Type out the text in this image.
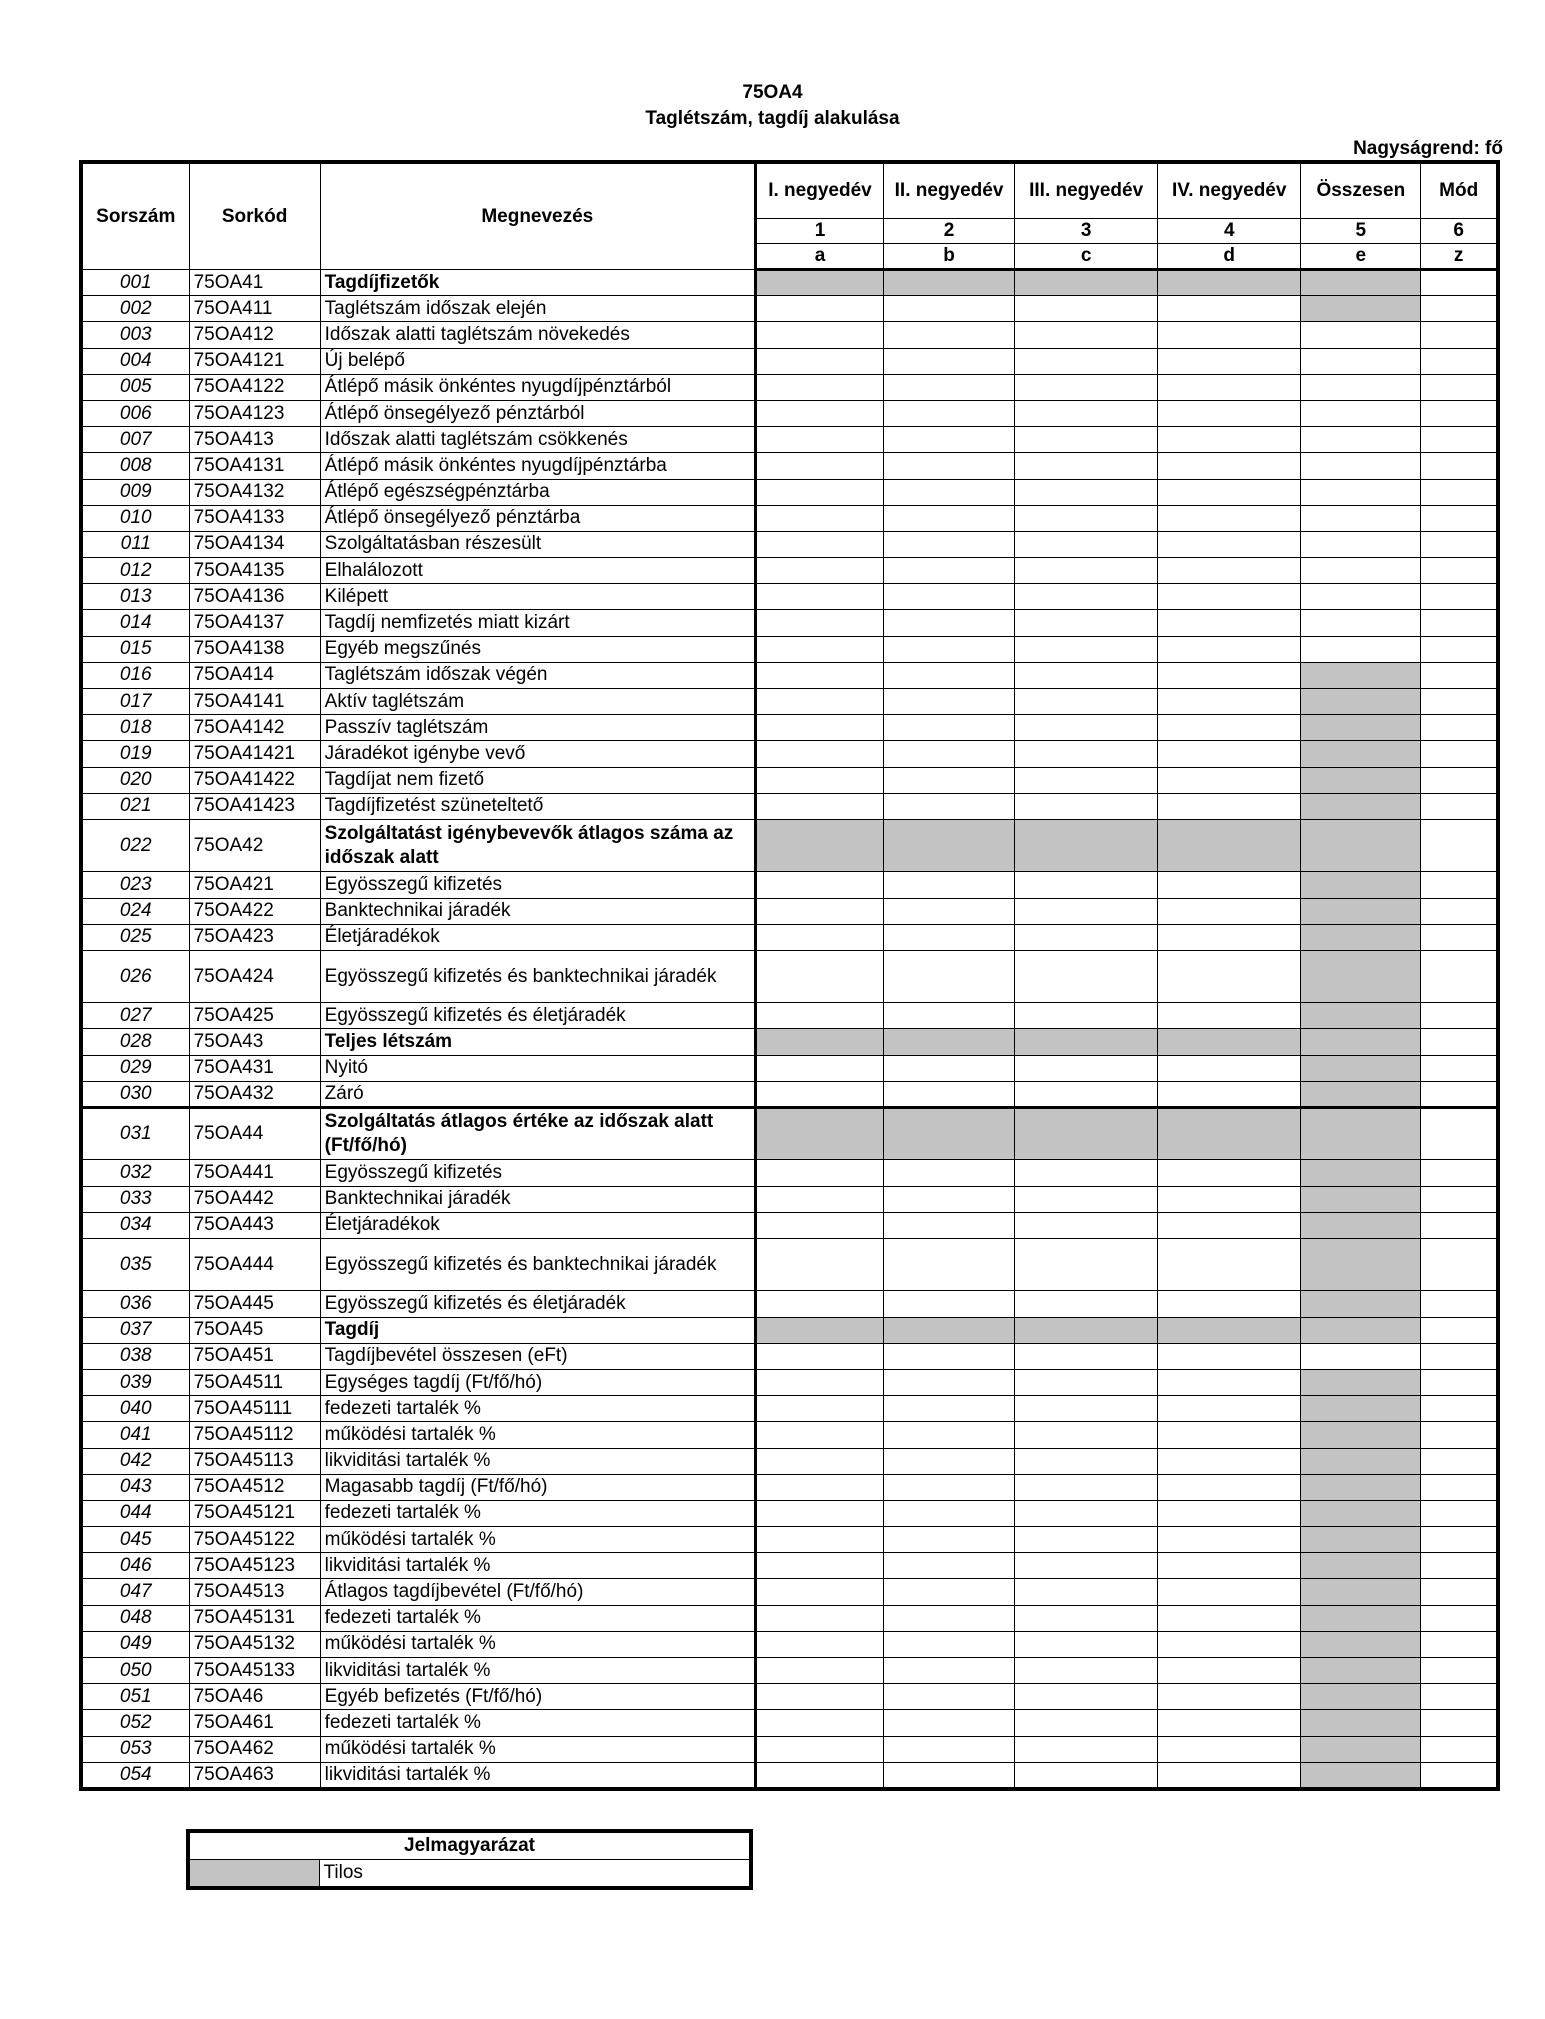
75OA4
Taglétszám, tagdíj alakulása
Nagyságrend: fő
Sorszám	Sorkód	Megnevezés	I. negyedév	II. negyedév	III. negyedév	IV. negyedév	Összesen	Mód
			1	2	3	4	5	6
			a	b	c	d	e	z
001	75OA41	Tagdíjfizetők						
002	75OA411	Taglétszám időszak elején						
003	75OA412	Időszak alatti taglétszám növekedés						
004	75OA4121	Új belépő						
005	75OA4122	Átlépő másik önkéntes nyugdíjpénztárból						
006	75OA4123	Átlépő önsegélyező pénztárból						
007	75OA413	Időszak alatti taglétszám csökkenés						
008	75OA4131	Átlépő másik önkéntes nyugdíjpénztárba						
009	75OA4132	Átlépő egészségpénztárba						
010	75OA4133	Átlépő önsegélyező pénztárba						
011	75OA4134	Szolgáltatásban részesült						
012	75OA4135	Elhalálozott						
013	75OA4136	Kilépett						
014	75OA4137	Tagdíj nemfizetés miatt kizárt						
015	75OA4138	Egyéb megszűnés						
016	75OA414	Taglétszám időszak végén						
017	75OA4141	Aktív taglétszám						
018	75OA4142	Passzív taglétszám						
019	75OA41421	Járadékot igénybe vevő						
020	75OA41422	Tagdíjat nem fizető						
021	75OA41423	Tagdíjfizetést szüneteltető						
022	75OA42	Szolgáltatást igénybevevők átlagos száma az időszak alatt						
023	75OA421	Egyösszegű kifizetés						
024	75OA422	Banktechnikai járadék						
025	75OA423	Életjáradékok						
026	75OA424	Egyösszegű kifizetés és banktechnikai járadék						
027	75OA425	Egyösszegű kifizetés és életjáradék						
028	75OA43	Teljes létszám						
029	75OA431	Nyitó						
030	75OA432	Záró						
031	75OA44	Szolgáltatás átlagos értéke az időszak alatt (Ft/fő/hó)						
032	75OA441	Egyösszegű kifizetés						
033	75OA442	Banktechnikai járadék						
034	75OA443	Életjáradékok						
035	75OA444	Egyösszegű kifizetés és banktechnikai járadék						
036	75OA445	Egyösszegű kifizetés és életjáradék						
037	75OA45	Tagdíj						
038	75OA451	Tagdíjbevétel összesen (eFt)						
039	75OA4511	Egységes tagdíj (Ft/fő/hó)						
040	75OA45111	fedezeti tartalék %						
041	75OA45112	működési tartalék %						
042	75OA45113	likviditási tartalék %						
043	75OA4512	Magasabb tagdíj (Ft/fő/hó)						
044	75OA45121	fedezeti tartalék %						
045	75OA45122	működési tartalék %						
046	75OA45123	likviditási tartalék %						
047	75OA4513	Átlagos tagdíjbevétel (Ft/fő/hó)						
048	75OA45131	fedezeti tartalék %						
049	75OA45132	működési tartalék %						
050	75OA45133	likviditási tartalék %						
051	75OA46	Egyéb befizetés (Ft/fő/hó)						
052	75OA461	fedezeti tartalék %						
053	75OA462	működési tartalék %						
054	75OA463	likviditási tartalék %						
Jelmagyarázat
	Tilos
